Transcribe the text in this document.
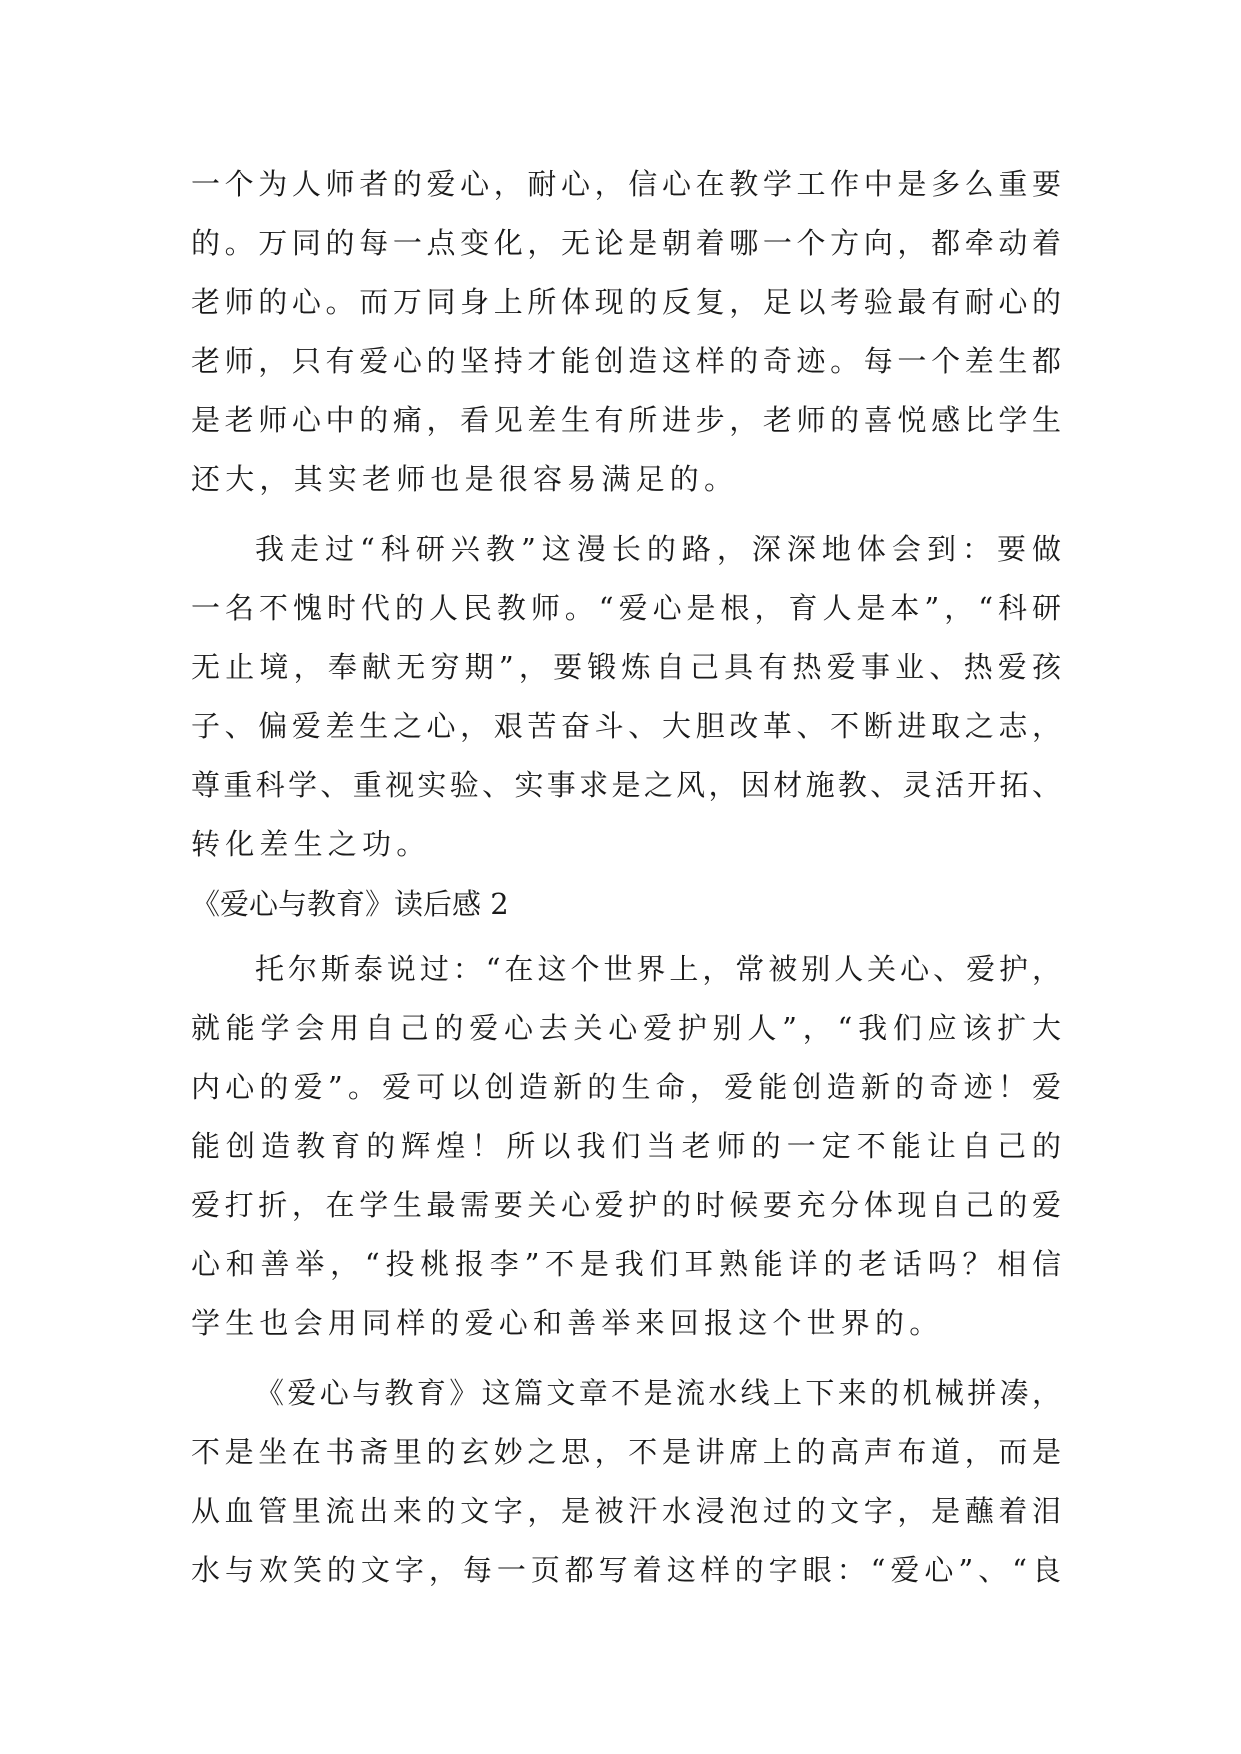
一个为人师者的爱心，耐心，信心在教学工作中是多么重要
的。万同的每一点变化，无论是朝着哪一个方向，都牵动着
老师的心。而万同身上所体现的反复，足以考验最有耐心的
老师，只有爱心的坚持才能创造这样的奇迹。每一个差生都
是老师心中的痛，看见差生有所进步，老师的喜悦感比学生
还大，其实老师也是很容易满足的。
我走过“科研兴教”这漫长的路，深深地体会到：要做
一名不愧时代的人民教师。“爱心是根，育人是本”，“科研
无止境，奉献无穷期”，要锻炼自己具有热爱事业、热爱孩
子、偏爱差生之心，艰苦奋斗、大胆改革、不断进取之志，
尊重科学、重视实验、实事求是之风，因材施教、灵活开拓、
转化差生之功。
《爱心与教育》读后感 2
托尔斯泰说过：“在这个世界上，常被别人关心、爱护，
就能学会用自己的爱心去关心爱护别人”，“我们应该扩大
内心的爱”。爱可以创造新的生命，爱能创造新的奇迹！爱
能创造教育的辉煌！所以我们当老师的一定不能让自己的
爱打折，在学生最需要关心爱护的时候要充分体现自己的爱
心和善举，“投桃报李”不是我们耳熟能详的老话吗？相信
学生也会用同样的爱心和善举来回报这个世界的。
《爱心与教育》这篇文章不是流水线上下来的机械拼凑，
不是坐在书斋里的玄妙之思，不是讲席上的高声布道，而是
从血管里流出来的文字，是被汗水浸泡过的文字，是蘸着泪
水与欢笑的文字，每一页都写着这样的字眼：“爱心”、“良
